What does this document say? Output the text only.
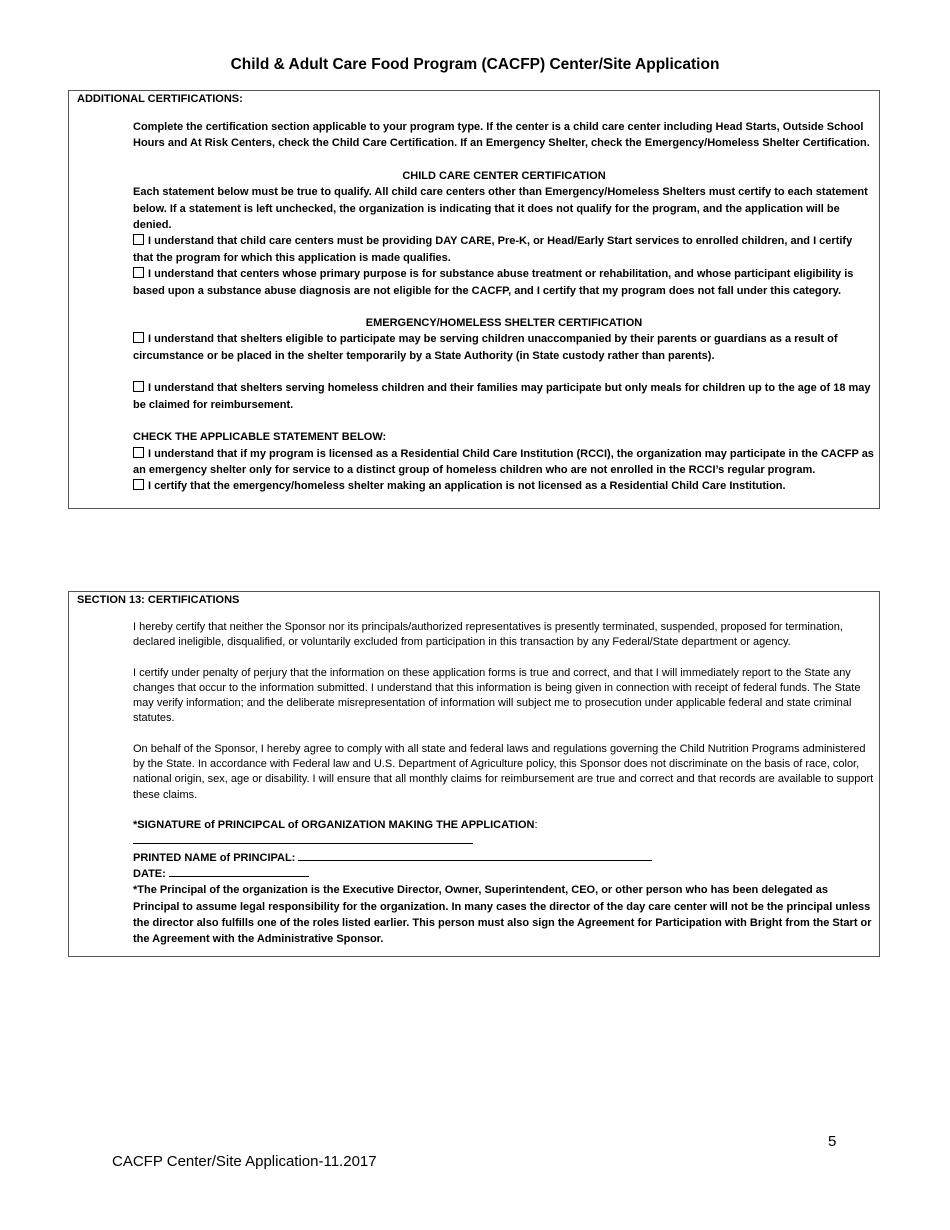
Child & Adult Care Food Program (CACFP) Center/Site Application
ADDITIONAL CERTIFICATIONS:
Complete the certification section applicable to your program type. If the center is a child care center including Head Starts, Outside School Hours and At Risk Centers, check the Child Care Certification. If an Emergency Shelter, check the Emergency/Homeless Shelter Certification.
CHILD CARE CENTER CERTIFICATION
Each statement below must be true to qualify. All child care centers other than Emergency/Homeless Shelters must certify to each statement below. If a statement is left unchecked, the organization is indicating that it does not qualify for the program, and the application will be denied.
I understand that child care centers must be providing DAY CARE, Pre-K, or Head/Early Start services to enrolled children, and I certify that the program for which this application is made qualifies.
I understand that centers whose primary purpose is for substance abuse treatment or rehabilitation, and whose participant eligibility is based upon a substance abuse diagnosis are not eligible for the CACFP, and I certify that my program does not fall under this category.
EMERGENCY/HOMELESS SHELTER CERTIFICATION
I understand that shelters eligible to participate may be serving children unaccompanied by their parents or guardians as a result of circumstance or be placed in the shelter temporarily by a State Authority (in State custody rather than parents).
I understand that shelters serving homeless children and their families may participate but only meals for children up to the age of 18 may be claimed for reimbursement.
CHECK THE APPLICABLE STATEMENT BELOW:
I understand that if my program is licensed as a Residential Child Care Institution (RCCI), the organization may participate in the CACFP as an emergency shelter only for service to a distinct group of homeless children who are not enrolled in the RCCI’s regular program.
I certify that the emergency/homeless shelter making an application is not licensed as a Residential Child Care Institution.
SECTION 13: CERTIFICATIONS
I hereby certify that neither the Sponsor nor its principals/authorized representatives is presently terminated, suspended, proposed for termination, declared ineligible, disqualified, or voluntarily excluded from participation in this transaction by any Federal/State department or agency.
I certify under penalty of perjury that the information on these application forms is true and correct, and that I will immediately report to the State any changes that occur to the information submitted. I understand that this information is being given in connection with receipt of federal funds. The State may verify information; and the deliberate misrepresentation of information will subject me to prosecution under applicable federal and state criminal statutes.
On behalf of the Sponsor, I hereby agree to comply with all state and federal laws and regulations governing the Child Nutrition Programs administered by the State. In accordance with Federal law and U.S. Department of Agriculture policy, this Sponsor does not discriminate on the basis of race, color, national origin, sex, age or disability. I will ensure that all monthly claims for reimbursement are true and correct and that records are available to support these claims.
*SIGNATURE of PRINCIPCAL of ORGANIZATION MAKING THE APPLICATION:
PRINTED NAME of PRINCIPAL:
DATE:
*The Principal of the organization is the Executive Director, Owner, Superintendent, CEO, or other person who has been delegated as Principal to assume legal responsibility for the organization. In many cases the director of the day care center will not be the principal unless the director also fulfills one of the roles listed earlier. This person must also sign the Agreement for Participation with Bright from the Start or the Agreement with the Administrative Sponsor.
5
CACFP Center/Site Application-11.2017
